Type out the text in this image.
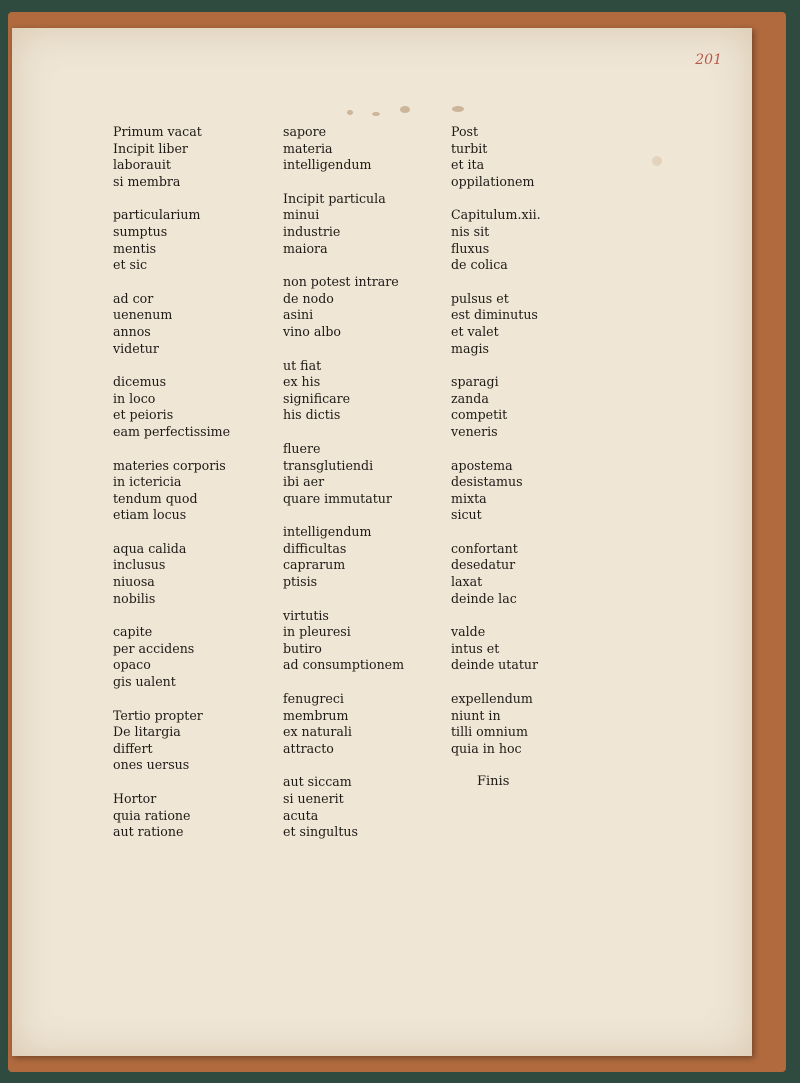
201
Primum vacat
Incipit liber
laborauit
si membra
particularium
sumptus
mentis
et sic
ad cor
uenenum
annos
videtur
dicemus
in loco
et peioris
eam perfectissime
materies corporis
in ictericia
tendum quod
etiam locus
aqua calida
inclusus
niuosa
nobilis
capite
per accidens
opaco
gis ualent
Tertio propter
De litargia
differt
ones uersus
Hortor
quia ratione
aut ratione
sapore
materia
intelligendum
Incipit particula
minui
industrie
maiora
non potest intrare
de nodo
asini
vino albo
ut fiat
ex his
significare
his dictis
fluere
transglutiendi
ibi aer
quare immutatur
intelligendum
difficultas
caprarum
ptisis
virtutis
in pleuresi
butiro
ad consumptionem
fenugreci
membrum
ex naturali
attracto
aut siccam
si uenerit
acuta
et singultus
Post
turbit
et ita
oppilationem
Capitulum.xii.
nis sit
fluxus
de colica
pulsus et
est diminutus
et valet
magis
sparagi
zanda
competit
veneris
apostema
desistamus
mixta
sicut
confortant
desedatur
laxat
deinde lac
valde
intus et
deinde utatur
expellendum
niunt in
tilli omnium
quia in hoc
Finis
